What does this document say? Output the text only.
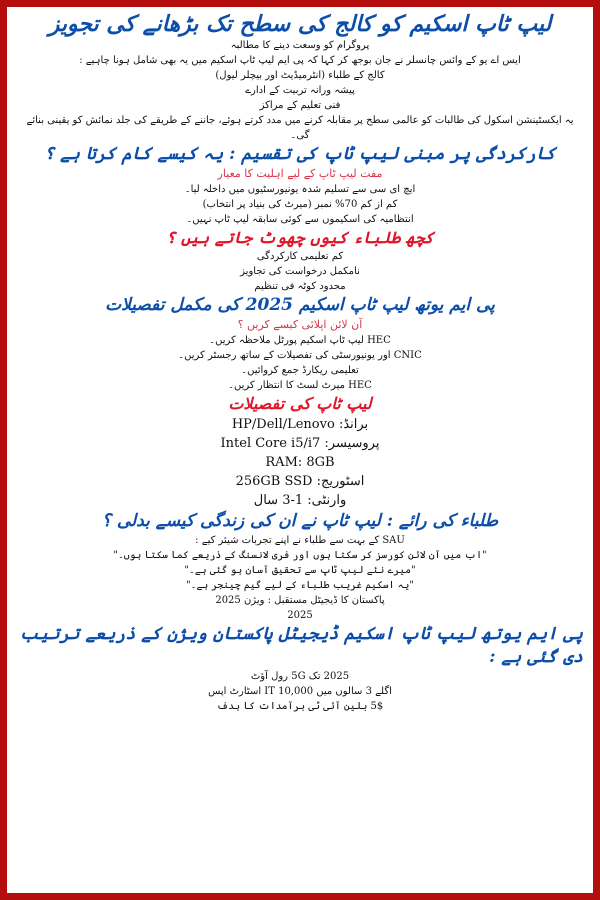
لیپ ٹاپ اسکیم کو کالج کی سطح تک بڑھانے کی تجویز

پروگرام کو وسعت دینے کا مطالبہ

ایس اے یو کے وائس چانسلر نے جان بوجھ کر کہا کہ پی ایم لیپ ٹاپ اسکیم میں یہ بھی شامل ہونا چاہیے :

کالج کے طلباء (انٹرمیڈیٹ اور بیچلر لیول)
پیشہ ورانہ تربیت کے ادارے
فنی تعلیم کے مراکز

یہ ایکسٹینشن اسکول کی طالبات کو عالمی سطح پر مقابلہ کرنے میں مدد کرتے ہوئے، جاننے کے طریقے کی جلد نمائش کو یقینی بنائے گی۔

کارکردگی پر مبنی لیپ ٹاپ کی تقسیم : یہ کیسے کام کرتا ہے ؟

مفت لیپ ٹاپ کے لیے اہلیت کا معیار

ایچ ای سی سے تسلیم شدہ یونیورسٹیوں میں داخلہ لیا۔
کم از کم 70% نمبر (میرٹ کی بنیاد پر انتخاب)
انتظامیہ کی اسکیموں سے کوئی سابقہ لیپ ٹاپ نہیں۔
کچھ طلباء کیوں چھوٹ جاتے ہیں ؟
کم تعلیمی کارکردگی
نامکمل درخواست کی تجاویز
محدود کوٹہ فی تنظیم
پی ایم یوتھ لیپ ٹاپ اسکیم 2025 کی مکمل تفصیلات

آن لائن اپلائی کیسے کریں ؟

HEC لیپ ٹاپ اسکیم پورٹل ملاحظہ کریں۔
CNIC اور یونیورسٹی کی تفصیلات کے ساتھ رجسٹر کریں۔
تعلیمی ریکارڈ جمع کروائیں۔
HEC میرٹ لسٹ کا انتظار کریں۔
لیپ ٹاپ کی تفصیلات
برانڈ: HP/Dell/Lenovo
پروسیسر: Intel Core i5/i7
RAM: 8GB
اسٹوریج: 256GB SSD
وارنٹی: 1-3 سال
طلباء کی رائے : لیپ ٹاپ نے ان کی زندگی کیسے بدلی ؟

SAU کے بہت سے طلباء نے اپنے تجربات شیئر کیے :

"اب میں آن لائن کورسز کر سکتا ہوں اور فری لانسنگ کے ذریعے کما سکتا ہوں۔"
"میرے نئے لیپ ٹاپ سے تحقیق آسان ہو گئی ہے۔"
"یہ اسکیم غریب طلباء کے لیے گیم چینجر ہے۔"

پاکستان کا ڈیجیٹل مستقبل : ویژن 2025

2025

پی ایم یوتھ لیپ ٹاپ اسکیم ڈیجیٹل پاکستان ویژن کے ذریعے ترتیب دی گئی ہے :
2025 تک 5G رول آؤٹ
اگلے 3 سالوں میں IT 10,000 اسٹارٹ اپس
5$ بلین آئی ٹی برآمدات کا ہدف
